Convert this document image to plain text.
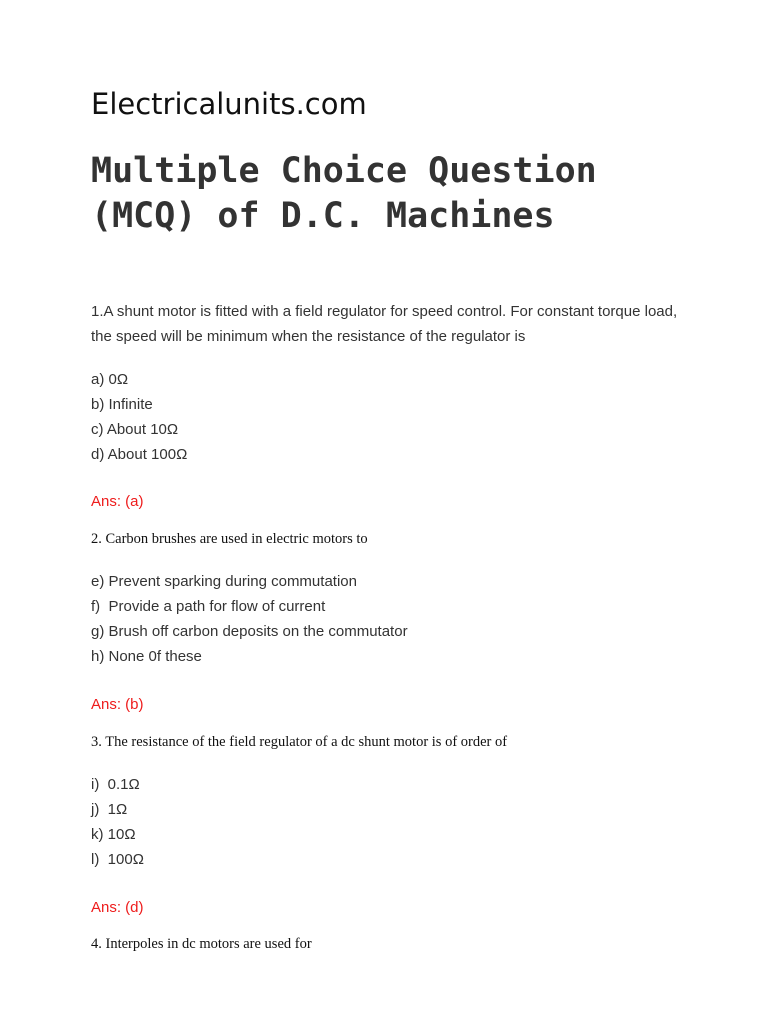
Electricalunits.com
Multiple Choice Question (MCQ) of D.C. Machines

1.A shunt motor is fitted with a field regulator for speed control. For constant torque load, the speed will be minimum when the resistance of the regulator is

a) 0Ω
b) Infinite
c) About 10Ω
d) About 100Ω
Ans: (a)

2. Carbon brushes are used in electric motors to

e) Prevent sparking during commutation
f)  Provide a path for flow of current
g) Brush off carbon deposits on the commutator
h) None 0f these
Ans: (b)

3. The resistance of the field regulator of a dc shunt motor is of order of

i)  0.1Ω
j)  1Ω
k) 10Ω
l)  100Ω
Ans: (d)

4. Interpoles in dc motors are used for
